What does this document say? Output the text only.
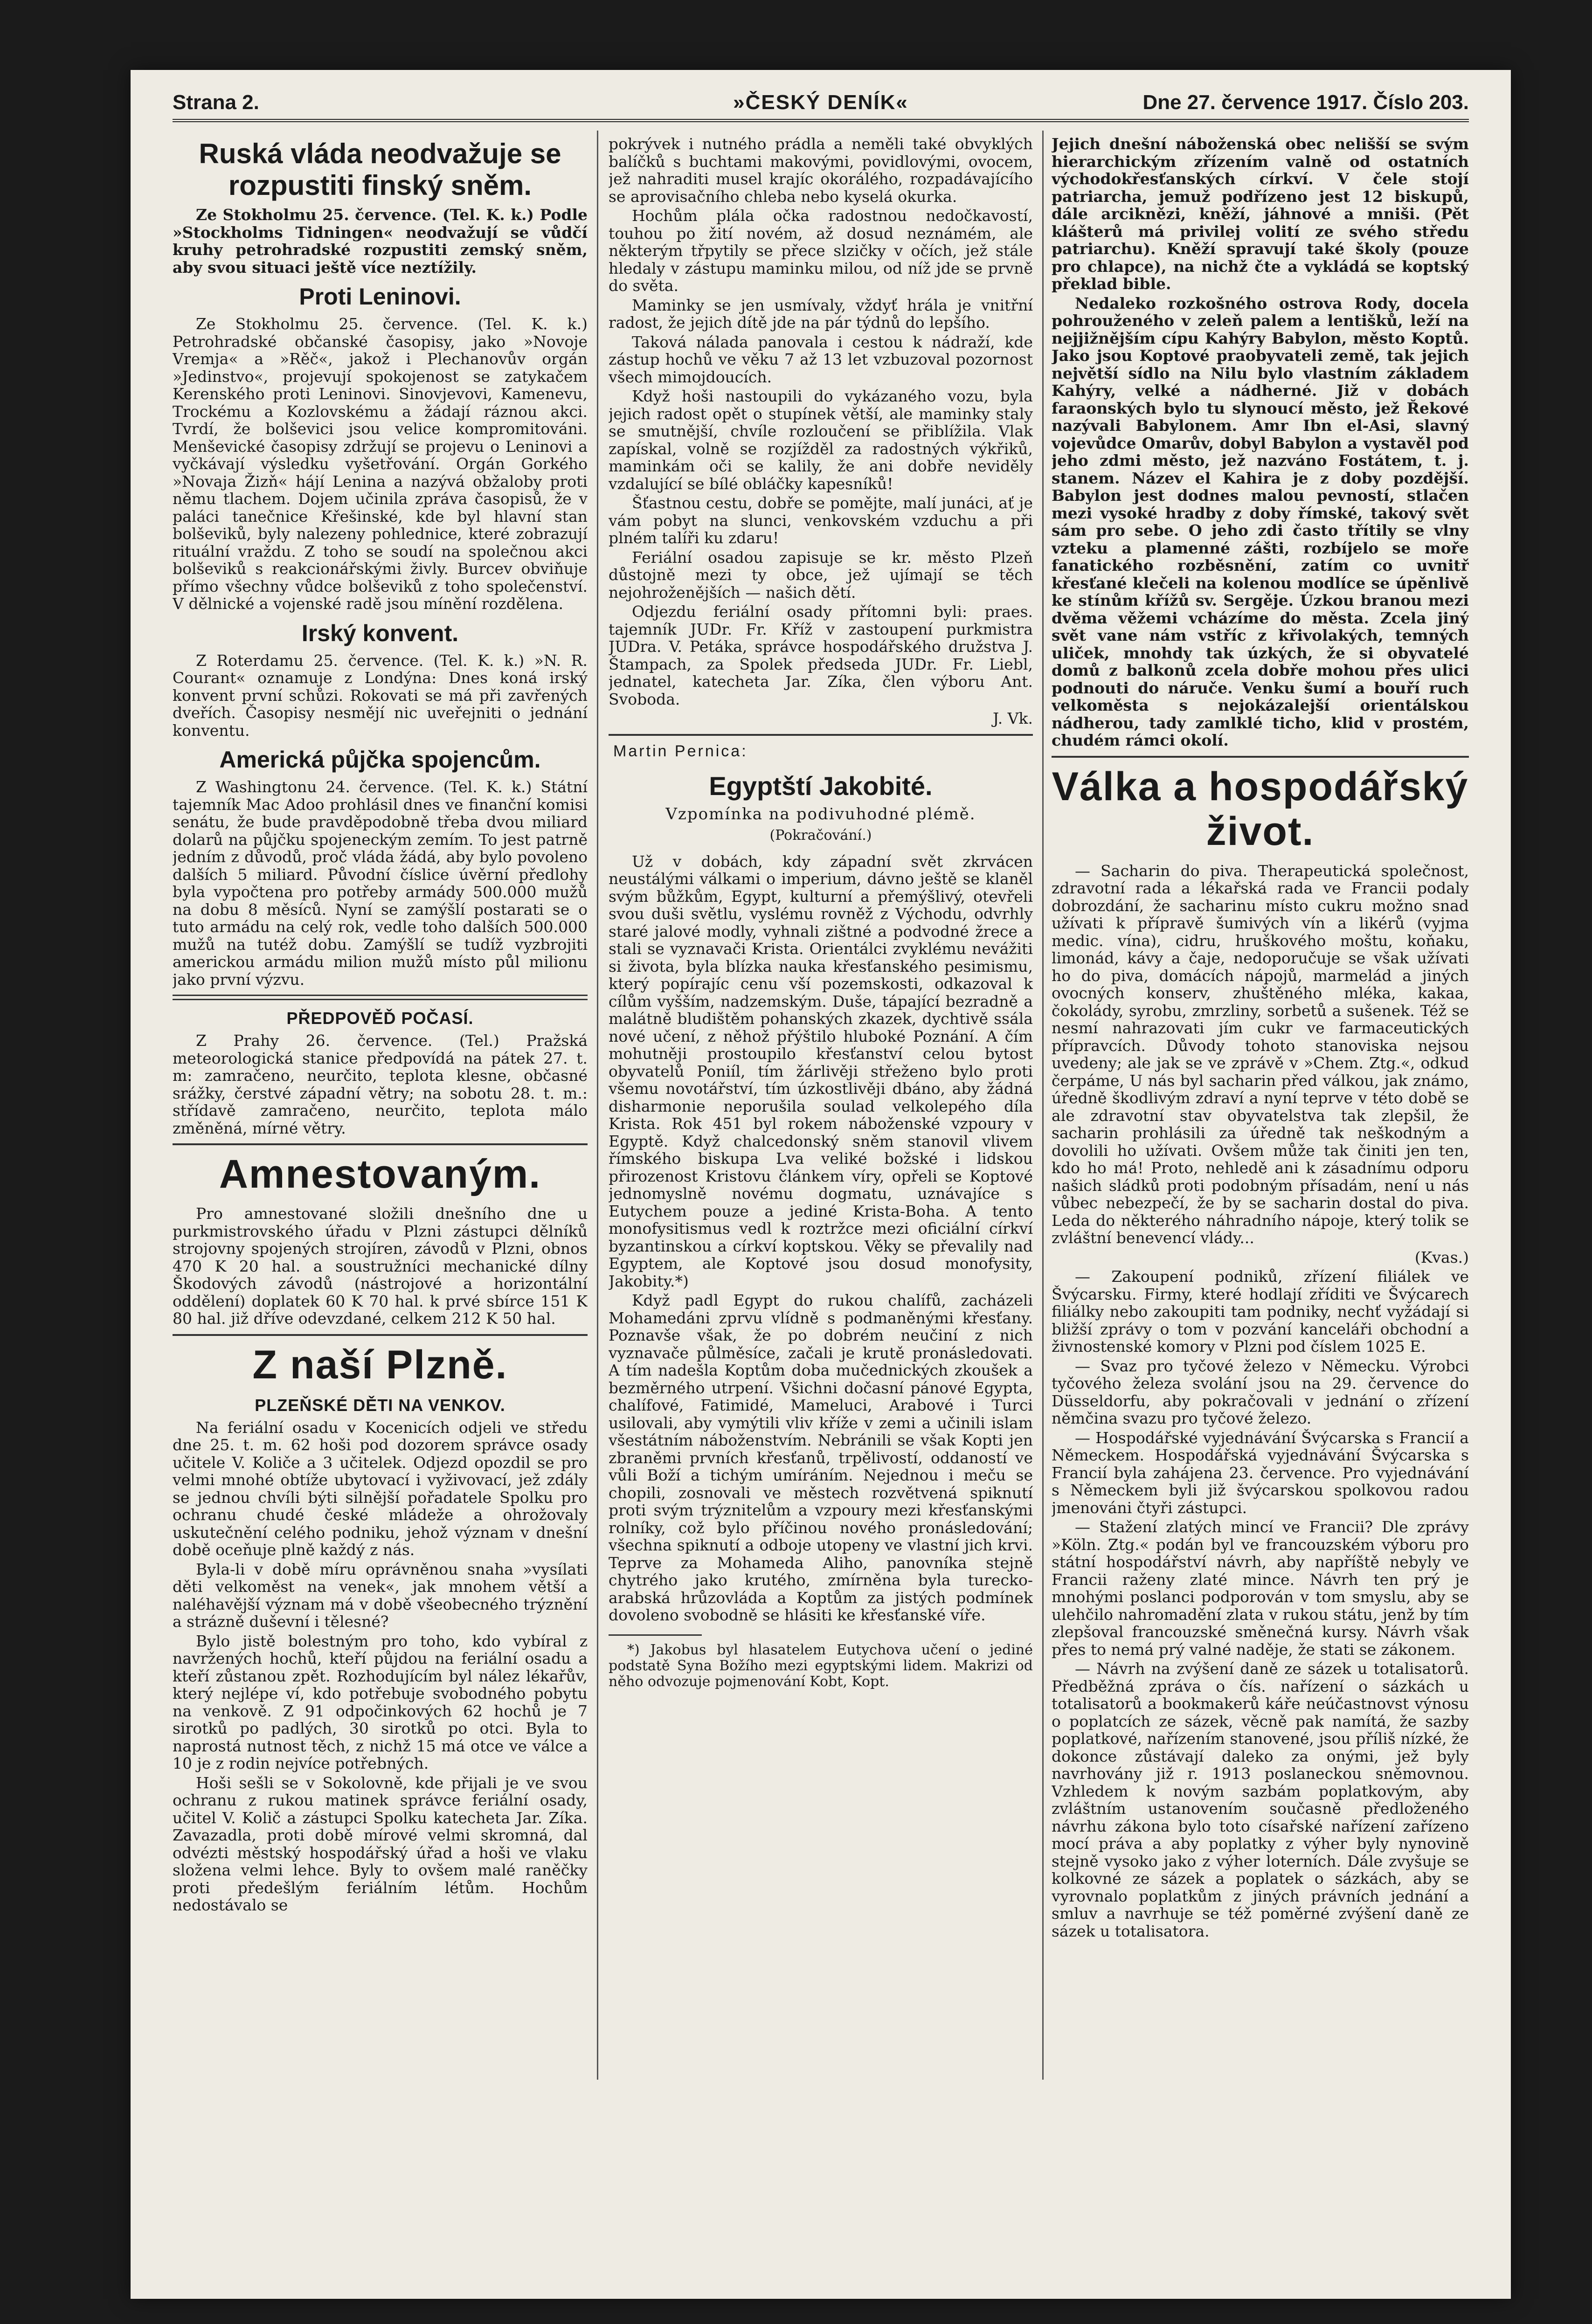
Strana 2.	»ČESKÝ DENÍK«	Dne 27. července 1917. Číslo 203.
Ruská vláda neodvažuje se rozpustiti finský sněm.

Ze Stokholmu 25. července. (Tel. K. k.) Podle »Stockholms Tidningen« neodvažují se vůdčí kruhy petrohradské rozpustiti zemský sněm, aby svou situaci ještě více neztížily.

Proti Leninovi.

Ze Stokholmu 25. července. (Tel. K. k.) Petrohradské občanské časopisy, jako »Novoje Vremja« a »Rěč«, jakož i Plechanovův orgán »Jedinstvo«, projevují spokojenost se zatykačem Kerenského proti Leninovi. Sinovjevovi, Kamenevu, Trockému a Kozlovskému a žádají ráznou akci. Tvrdí, že bolševici jsou velice kompromitováni. Menševické časopisy zdržují se projevu o Leninovi a vyčkávají výsledku vyšetřování. Orgán Gorkého »Novaja Žizň« hájí Lenina a nazývá obžaloby proti němu tlachem. Dojem učinila zpráva časopisů, že v paláci tanečnice Křešinské, kde byl hlavní stan bolševiků, byly nalezeny pohlednice, které zobrazují rituální vraždu. Z toho se soudí na společnou akci bolševiků s reakcionářskými živly. Burcev obviňuje přímo všechny vůdce bolševiků z toho společenství. V dělnické a vojenské radě jsou mínění rozdělena.

Irský konvent.

Z Roterdamu 25. července. (Tel. K. k.) »N. R. Courant« oznamuje z Londýna: Dnes koná irský konvent první schůzi. Rokovati se má při zavřených dveřích. Časopisy nesmějí nic uveřejniti o jednání konventu.

Americká půjčka spojencům.

Z Washingtonu 24. července. (Tel. K. k.) Státní tajemník Mac Adoo prohlásil dnes ve finanční komisi senátu, že bude pravděpodobně třeba dvou miliard dolarů na půjčku spojeneckým zemím. To jest patrně jedním z důvodů, proč vláda žádá, aby bylo povoleno dalších 5 miliard. Původní číslice úvěrní předlohy byla vypočtena pro potřeby armády 500.000 mužů na dobu 8 měsíců. Nyní se zamýšlí postarati se o tuto armádu na celý rok, vedle toho dalších 500.000 mužů na tutéž dobu. Zamýšlí se tudíž vyzbrojiti americkou armádu milion mužů místo půl milionu jako první výzvu.

PŘEDPOVĚĎ POČASÍ.

Z Prahy 26. července. (Tel.) Pražská meteorologická stanice předpovídá na pátek 27. t. m: zamračeno, neurčito, teplota klesne, občasné srážky, čerstvé západní větry; na sobotu 28. t. m.: střídavě zamračeno, neurčito, teplota málo změněná, mírné větry.

Amnestovaným.

Pro amnestované složili dnešního dne u purkmistrovského úřadu v Plzni zástupci dělníků strojovny spojených strojíren, závodů v Plzni, obnos 470 K 20 hal. a soustružníci mechanické dílny Škodových závodů (nástrojové a horizontální oddělení) doplatek 60 K 70 hal. k prvé sbírce 151 K 80 hal. již dříve odevzdané, celkem 212 K 50 hal.

Z naší Plzně.
PLZEŇSKÉ DĚTI NA VENKOV.

Na feriální osadu v Kocenicích odjeli ve středu dne 25. t. m. 62 hoši pod dozorem správce osady učitele V. Količe a 3 učitelek. Odjezd opozdil se pro velmi mnohé obtíže ubytovací i vyživovací, jež zdály se jednou chvíli býti silnější pořadatele Spolku pro ochranu chudé české mládeže a ohrožovaly uskutečnění celého podniku, jehož význam v dnešní době oceňuje plně každý z nás.

Byla-li v době míru oprávněnou snaha »vysílati děti velkoměst na venek«, jak mnohem větší a naléhavější význam má v době všeobecného trýznění a strázně duševní i tělesné?

Bylo jistě bolestným pro toho, kdo vybíral z navržených hochů, kteří půjdou na feriální osadu a kteří zůstanou zpět. Rozhodujícím byl nález lékařův, který nejlépe ví, kdo potřebuje svobodného pobytu na venkově. Z 91 odpočinkových 62 hochů je 7 sirotků po padlých, 30 sirotků po otci. Byla to naprostá nutnost těch, z nichž 15 má otce ve válce a 10 je z rodin nejvíce potřebných.

Hoši sešli se v Sokolovně, kde přijali je ve svou ochranu z rukou matinek správce feriální osady, učitel V. Količ a zástupci Spolku katecheta Jar. Zíka. Zavazadla, proti době mírové velmi skromná, dal odvézti městský hospodářský úřad a hoši ve vlaku složena velmi lehce. Byly to ovšem malé raněčky proti předešlým feriálním létům. Hochům nedostávalo se

pokrývek i nutného prádla a neměli také obvyklých balíčků s buchtami makovými, povidlovými, ovocem, jež nahraditi musel krajíc okorálého, rozpadávajícího se aprovisačního chleba nebo kyselá okurka.

Hochům plála očka radostnou nedočkavostí, touhou po žití novém, až dosud neznámém, ale některým třpytily se přece slzičky v očích, jež stále hledaly v zástupu maminku milou, od níž jde se prvně do světa.

Maminky se jen usmívaly, vždyť hrála je vnitřní radost, že jejich dítě jde na pár týdnů do lepšího.

Taková nálada panovala i cestou k nádraží, kde zástup hochů ve věku 7 až 13 let vzbuzoval pozornost všech mimojdoucích.

Když hoši nastoupili do vykázaného vozu, byla jejich radost opět o stupínek větší, ale maminky staly se smutnější, chvíle rozloučení se přiblížila. Vlak zapískal, volně se rozjížděl za radostných výkřiků, maminkám oči se kalily, že ani dobře neviděly vzdalující se bílé obláčky kapesníků!

Šťastnou cestu, dobře se pomějte, malí junáci, ať je vám pobyt na slunci, venkovském vzduchu a při plném talíři ku zdaru!

Feriální osadou zapisuje se kr. město Plzeň důstojně mezi ty obce, jež ujímají se těch nejohroženějších — našich dětí.

Odjezdu feriální osady přítomni byli: praes. tajemník JUDr. Fr. Kříž v zastoupení purkmistra JUDra. V. Petáka, správce hospodářského družstva J. Štampach, za Spolek předseda JUDr. Fr. Liebl, jednatel, katecheta Jar. Zíka, člen výboru Ant. Svoboda.

J. Vk.

Martin Pernica:
Egyptští Jakobité.
Vzpomínka na podivuhodné plémě.
(Pokračování.)

Už v dobách, kdy západní svět zkrvácen neustálými válkami o imperium, dávno ještě se klaněl svým bůžkům, Egypt, kulturní a přemýšlivý, otevřeli svou duši světlu, vyslému rovněž z Východu, odvrhly staré jalové modly, vyhnali zištné a podvodné žrece a stali se vyznavači Krista. Orientálci zvyklému nevážiti si života, byla blízka nauka křesťanského pesimismu, který popírajíc cenu vší pozemskosti, odkazoval k cílům vyšším, nadzemským. Duše, tápající bezradně a malátně bludištěm pohanských zkazek, dychtivě ssála nové učení, z něhož přýštilo hluboké Poznání. A čím mohutněji prostoupilo křesťanství celou bytost obyvatelů Poniíl, tím žárlivěji střeženo bylo proti všemu novotářství, tím úzkostlivěji dbáno, aby žádná disharmonie neporušila soulad velkolepého díla Krista. Rok 451 byl rokem náboženské vzpoury v Egyptě. Když chalcedonský sněm stanovil vlivem římského biskupa Lva veliké božské i lidskou přirozenost Kristovu článkem víry, opřeli se Koptové jednomyslně novému dogmatu, uznávajíce s Eutychem pouze a jediné Krista-Boha. A tento monofysitismus vedl k roztržce mezi oficiální církví byzantinskou a církví koptskou. Věky se převalily nad Egyptem, ale Koptové jsou dosud monofysity, Jakobity.*)

Když padl Egypt do rukou chalífů, zacházeli Mohamedáni zprvu vlídně s podmaněnými křesťany. Poznavše však, že po dobrém neučiní z nich vyznavače půlměsíce, začali je krutě pronásledovati. A tím nadešla Koptům doba mučednických zkoušek a bezměrného utrpení. Všichni dočasní pánové Egypta, chalífové, Fatimidé, Mameluci, Arabové i Turci usilovali, aby vymýtili vliv kříže v zemi a učinili islam všestátním náboženstvím. Nebránili se však Kopti jen zbraněmi prvních křesťanů, trpělivostí, oddaností ve vůli Boží a tichým umíráním. Nejednou i meču se chopili, zosnovali ve městech rozvětvená spiknutí proti svým trýznitelům a vzpoury mezi křesťanskými rolníky, což bylo příčinou nového pronásledování; všechna spiknutí a odboje utopeny ve vlastní jich krvi. Teprve za Mohameda Aliho, panovníka stejně chytrého jako krutého, zmírněna byla turecko-arabská hrůzovláda a Koptům za jistých podmínek dovoleno svobodně se hlásiti ke křesťanské víře.

*) Jakobus byl hlasatelem Eutychova učení o jediné podstatě Syna Božího mezi egyptskými lidem. Makrizi od něho odvozuje pojmenování Kobt, Kopt.

Jejich dnešní náboženská obec nelišší se svým hierarchickým zřízením valně od ostatních východokřesťanských církví. V čele stojí patriarcha, jemuž podřízeno jest 12 biskupů, dále arciknězi, kněží, jáhnové a mniši. (Pět klášterů má privilej volití ze svého středu patriarchu). Kněží spravují také školy (pouze pro chlapce), na nichž čte a vykládá se koptský překlad bible.

Nedaleko rozkošného ostrova Rody, docela pohrouženého v zeleň palem a lentišků, leží na nejjižnějším cípu Kahýry Babylon, město Koptů. Jako jsou Koptové praobyvateli země, tak jejich největší sídlo na Nilu bylo vlastním základem Kahýry, velké a nádherné. Již v dobách faraonských bylo tu slynoucí město, jež Řekové nazývali Babylonem. Amr Ibn el-Asi, slavný vojevůdce Omarův, dobyl Babylon a vystavěl pod jeho zdmi město, jež nazváno Fostátem, t. j. stanem. Název el Kahira je z doby pozdější. Babylon jest dodnes malou pevností, stlačen mezi vysoké hradby z doby římské, takový svět sám pro sebe. O jeho zdi často třítily se vlny vzteku a plamenné zášti, rozbíjelo se moře fanatického rozběsnění, zatím co uvnitř křesťané klečeli na kolenou modlíce se úpěnlivě ke stínům křížů sv. Sergěje. Úzkou branou mezi dvěma věžemi vcházíme do města. Zcela jiný svět vane nám vstříc z křivolakých, temných uliček, mnohdy tak úzkých, že si obyvatelé domů z balkonů zcela dobře mohou přes ulici podnouti do náruče. Venku šumí a bouří ruch velkoměsta s nejokázalejší orientálskou nádherou, tady zamlklé ticho, klid v prostém, chudém rámci okolí.

Válka a hospodářský život.

— Sacharin do piva. Therapeutická společnost, zdravotní rada a lékařská rada ve Francii podaly dobrozdání, že sacharinu místo cukru možno snad užívati k přípravě šumivých vín a likérů (vyjma medic. vína), cidru, hruškového moštu, koňaku, limonád, kávy a čaje, nedoporučuje se však užívati ho do piva, domácích nápojů, marmelád a jiných ovocných konserv, zhuštěného mléka, kakaa, čokolády, syrobu, zmrzliny, sorbetů a sušenek. Též se nesmí nahrazovati jím cukr ve farmaceutických přípravcích. Důvody tohoto stanoviska nejsou uvedeny; ale jak se ve zprávě v »Chem. Ztg.«, odkud čerpáme, U nás byl sacharin před válkou, jak známo, úředně škodlivým zdraví a nyní teprve v této době se ale zdravotní stav obyvatelstva tak zlepšil, že sacharin prohlásili za úředně tak neškodným a dovolili ho užívati. Ovšem může tak činiti jen ten, kdo ho má! Proto, nehledě ani k zásadnímu odporu našich sládků proti podobným přísadám, není u nás vůbec nebezpečí, že by se sacharin dostal do piva. Leda do některého náhradního nápoje, který tolik se zvláštní benevencí vlády...

(Kvas.)

— Zakoupení podniků, zřízení filiálek ve Švýcarsku. Firmy, které hodlají zříditi ve Švýcarech filiálky nebo zakoupiti tam podniky, nechť vyžádají si bližší zprávy o tom v pozvání kanceláři obchodní a živnostenské komory v Plzni pod číslem 1025 E.

— Svaz pro tyčové železo v Německu. Výrobci tyčového železa svolání jsou na 29. července do Düsseldorfu, aby pokračovali v jednání o zřízení němčina svazu pro tyčové železo.

— Hospodářské vyjednávání Švýcarska s Francií a Německem. Hospodářská vyjednávání Švýcarska s Francií byla zahájena 23. července. Pro vyjednávání s Německem byli již švýcarskou spolkovou radou jmenováni čtyři zástupci.

— Stažení zlatých mincí ve Francii? Dle zprávy »Köln. Ztg.« podán byl ve francouzském výboru pro státní hospodářství návrh, aby napříště nebyly ve Francii raženy zlaté mince. Návrh ten prý je mnohými poslanci podporován v tom smyslu, aby se ulehčilo nahromadění zlata v rukou státu, jenž by tím zlepšoval francouzské směnečná kursy. Návrh však přes to nemá prý valné naděje, že stati se zákonem.

— Návrh na zvýšení daně ze sázek u totalisatorů. Předběžná zpráva o čís. nařízení o sázkách u totalisatorů a bookmakerů káře neúčastnovst výnosu o poplatcích ze sázek, věcně pak namítá, že sazby poplatkové, nařízením stanovené, jsou příliš nízké, že dokonce zůstávají daleko za onými, jež byly navrhovány již r. 1913 poslaneckou sněmovnou. Vzhledem k novým sazbám poplatkovým, aby zvláštním ustanovením současně předloženého návrhu zákona bylo toto císařské nařízení zařízeno mocí práva a aby poplatky z výher byly nynovině stejně vysoko jako z výher loterních. Dále zvyšuje se kolkovné ze sázek a poplatek o sázkách, aby se vyrovnalo poplatkům z jiných právních jednání a smluv a navrhuje se též poměrné zvýšení daně ze sázek u totalisatora.
